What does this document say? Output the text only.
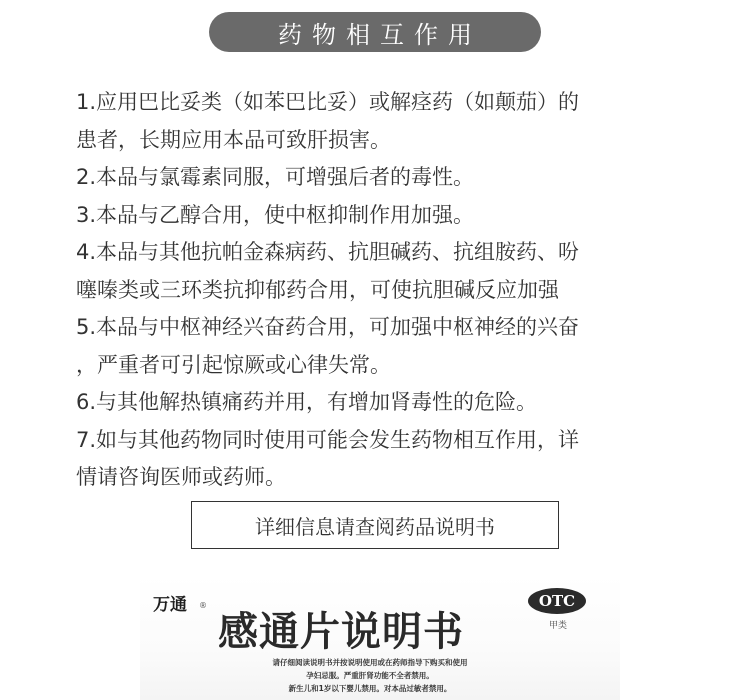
药物相互作用

1.应用巴比妥类（如苯巴比妥）或解痉药（如颠茄）的

患者，长期应用本品可致肝损害。

2.本品与氯霉素同服，可增强后者的毒性。

3.本品与乙醇合用，使中枢抑制作用加强。

4.本品与其他抗帕金森病药、抗胆碱药、抗组胺药、吩

噻嗪类或三环类抗抑郁药合用，可使抗胆碱反应加强

5.本品与中枢神经兴奋药合用，可加强中枢神经的兴奋

，严重者可引起惊厥或心律失常。

6.与其他解热镇痛药并用，有增加肾毒性的危险。

7.如与其他药物同时使用可能会发生药物相互作用，详

情请咨询医师或药师。

详细信息请查阅药品说明书
万通 ®
感通片说明书
OTC
甲类
请仔细阅读说明书并按说明使用或在药师指导下购买和使用
孕妇忌服。严重肝肾功能不全者禁用。
新生儿和1岁以下婴儿禁用。对本品过敏者禁用。
